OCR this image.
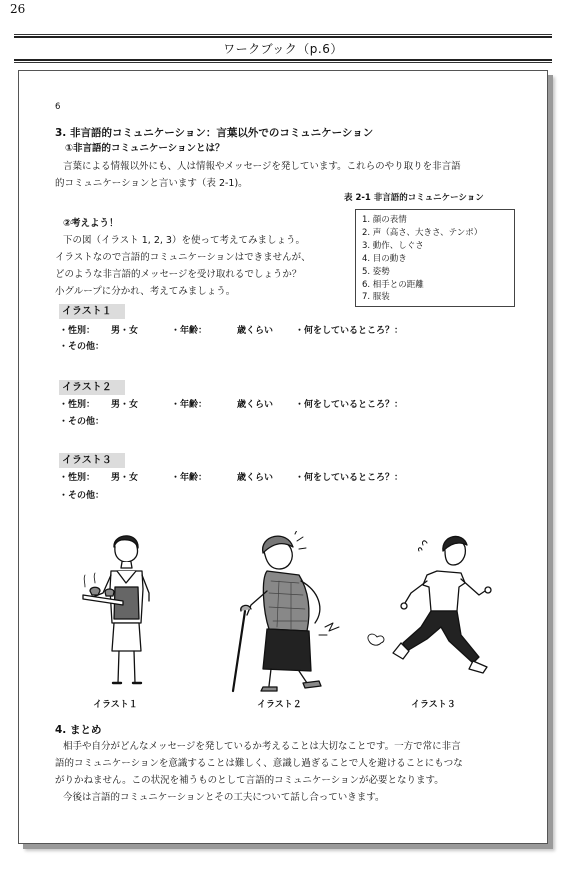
26
ワークブック（p.6）
6
3. 非言語的コミュニケーション：言葉以外でのコミュニケーション
①非言語的コミュニケーションとは？
言葉による情報以外にも、人は情報やメッセージを発しています。これらのやり取りを非言語
的コミュニケーションと言います（表 2-1)。
表 2-1 非言語的コミュニケーション
1. 顔の表情
2. 声（高さ、大きさ、テンポ）
3. 動作、しぐさ
4. 目の動き
5. 姿勢
6. 相手との距離
7. 服装
②考えよう！
下の図（イラスト 1, 2, 3）を使って考えてみましょう。
イラストなので言語的コミュニケーションはできませんが、
どのような非言語的メッセージを受け取れるでしょうか？
小グループに分かれ、考えてみましょう。
イラスト１
・性別： 男・女	・年齢：	歳くらい ・何をしているところ？：
・その他：
イラスト２
・性別： 男・女	・年齢：	歳くらい ・何をしているところ？：
・その他：
イラスト３
・性別： 男・女	・年齢：	歳くらい ・何をしているところ？：
・その他：
イラスト１	イラスト２	イラスト３
4. まとめ
相手や自分がどんなメッセージを発しているか考えることは大切なことです。一方で常に非言
語的コミュニケーションを意識することは難しく、意識し過ぎることで人を避けることにもつな
がりかねません。この状況を補うものとして言語的コミュニケーションが必要となります。
今後は言語的コミュニケーションとその工夫について話し合っていきます。
